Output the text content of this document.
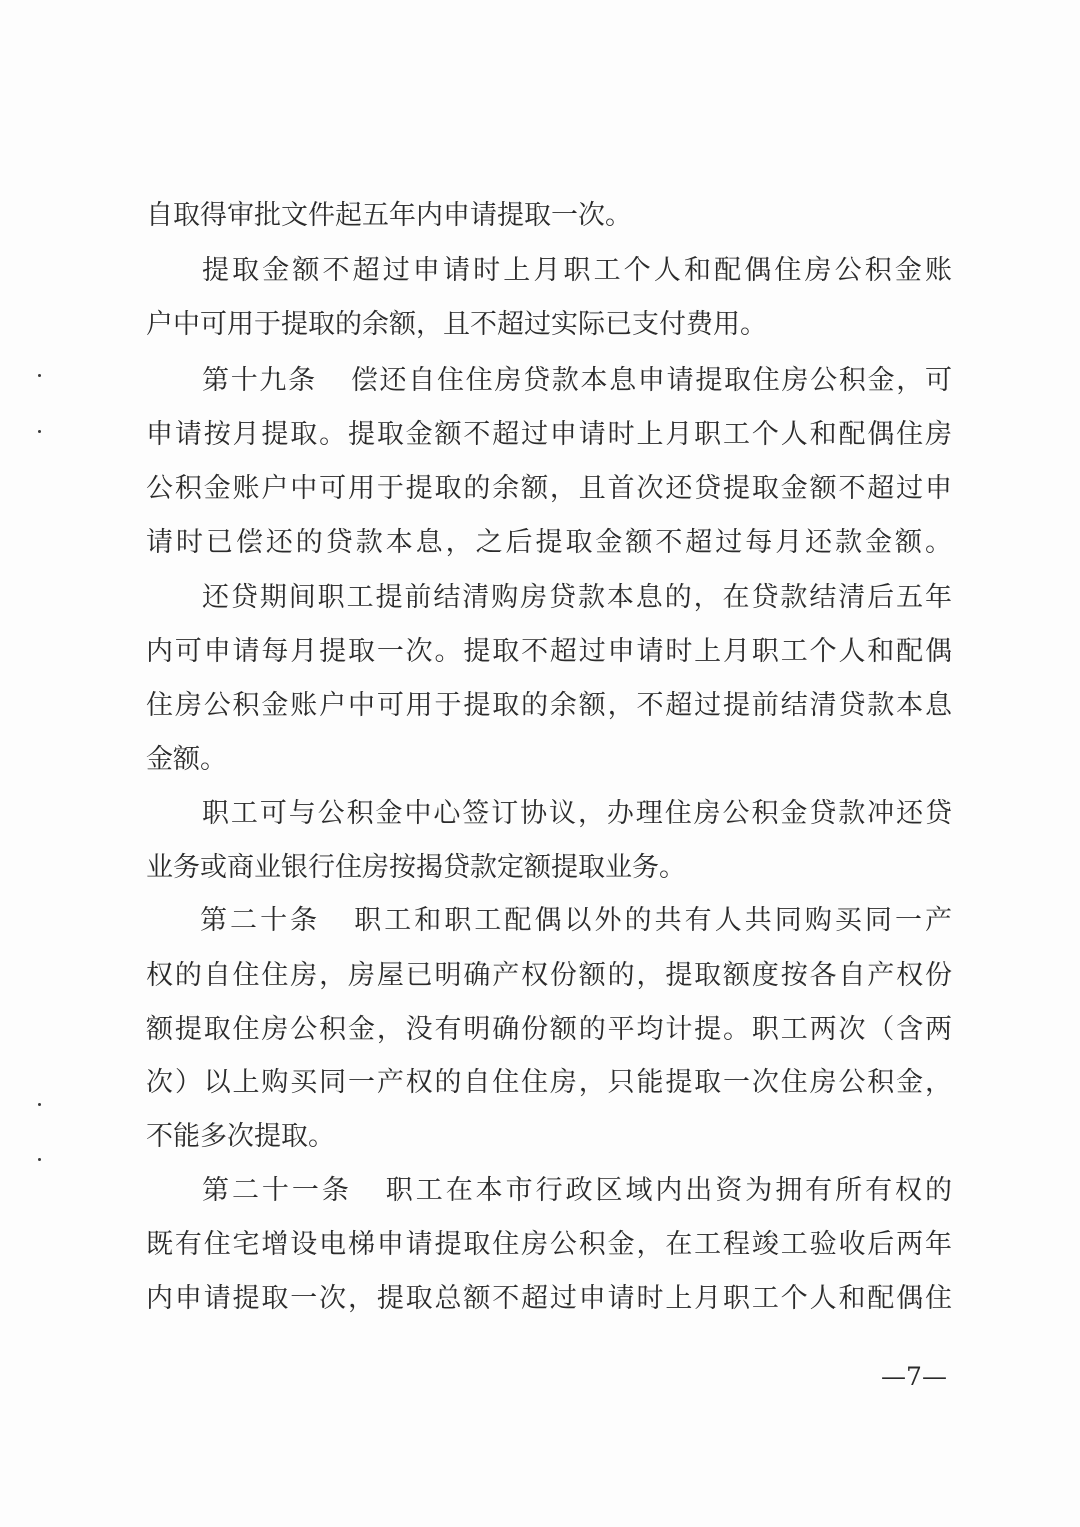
自取得审批文件起五年内申请提取一次。
提取金额不超过申请时上月职工个人和配偶住房公积金账
户中可用于提取的余额，且不超过实际已支付费用。
第十九条 偿还自住住房贷款本息申请提取住房公积金，可
申请按月提取。提取金额不超过申请时上月职工个人和配偶住房
公积金账户中可用于提取的余额，且首次还贷提取金额不超过申
请时已偿还的贷款本息，之后提取金额不超过每月还款金额。
还贷期间职工提前结清购房贷款本息的，在贷款结清后五年
内可申请每月提取一次。提取不超过申请时上月职工个人和配偶
住房公积金账户中可用于提取的余额，不超过提前结清贷款本息
金额。
职工可与公积金中心签订协议，办理住房公积金贷款冲还贷
业务或商业银行住房按揭贷款定额提取业务。
第二十条 职工和职工配偶以外的共有人共同购买同一产
权的自住住房，房屋已明确产权份额的，提取额度按各自产权份
额提取住房公积金，没有明确份额的平均计提。职工两次（含两
次）以上购买同一产权的自住住房，只能提取一次住房公积金，
不能多次提取。
第二十一条 职工在本市行政区域内出资为拥有所有权的
既有住宅增设电梯申请提取住房公积金，在工程竣工验收后两年
内申请提取一次，提取总额不超过申请时上月职工个人和配偶住
—7—
